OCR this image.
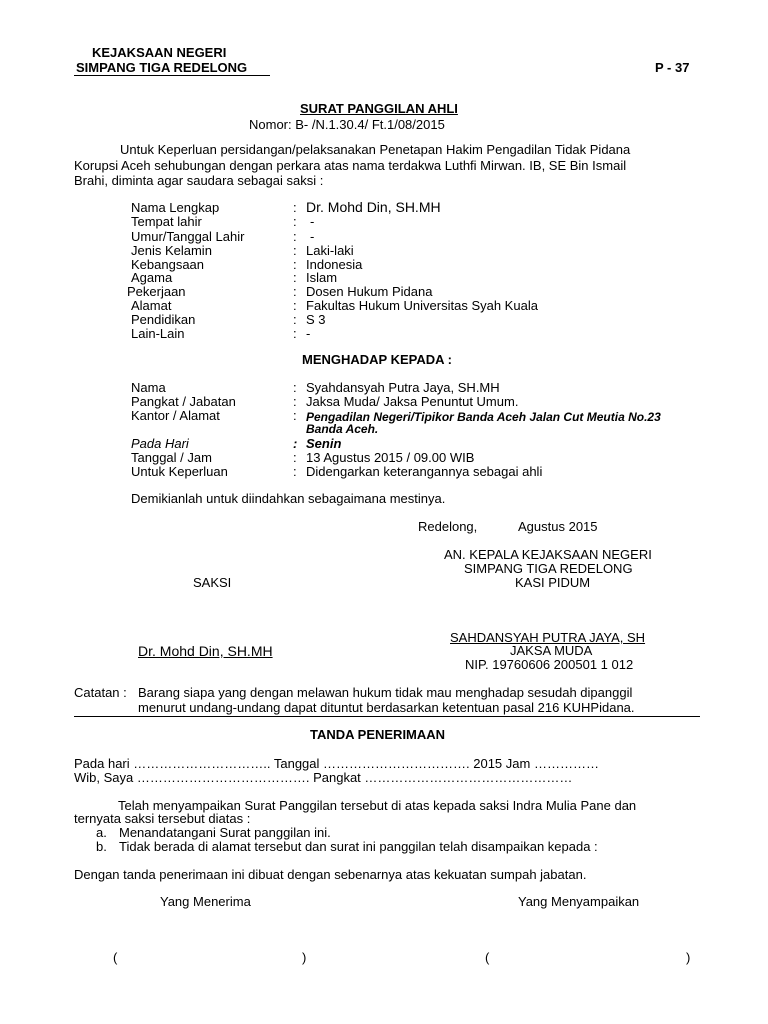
KEJAKSAAN NEGERI
SIMPANG TIGA REDELONG	P - 37
SURAT PANGGILAN AHLI
Nomor: B- /N.1.30.4/ Ft.1/08/2015
Untuk Keperluan persidangan/pelaksanakan Penetapan Hakim Pengadilan Tidak Pidana
Korupsi Aceh sehubungan dengan perkara atas nama terdakwa Luthfi Mirwan. IB, SE Bin Ismail
Brahi, diminta agar saudara sebagai saksi :
Nama Lengkap	: Dr. Mohd Din, SH.MH
Tempat lahir	: -
Umur/Tanggal Lahir	: -
Jenis Kelamin	: Laki-laki
Kebangsaan	: Indonesia
Agama	: Islam
Pekerjaan	: Dosen Hukum Pidana
Alamat	: Fakultas Hukum Universitas Syah Kuala
Pendidikan	: S 3
Lain-Lain	: -
MENGHADAP KEPADA :
Nama	: Syahdansyah Putra Jaya, SH.MH
Pangkat / Jabatan	: Jaksa Muda/ Jaksa Penuntut Umum.
Kantor / Alamat	: Pengadilan Negeri/Tipikor Banda Aceh Jalan Cut Meutia No.23
Banda Aceh.
Pada Hari	: Senin
Tanggal / Jam	: 13 Agustus 2015 / 09.00 WIB
Untuk Keperluan	: Didengarkan keterangannya sebagai ahli
Demikianlah untuk diindahkan sebagaimana mestinya.
Redelong,	Agustus 2015
AN. KEPALA KEJAKSAAN NEGERI
SIMPANG TIGA REDELONG
KASI PIDUM
SAKSI
SAHDANSYAH PUTRA JAYA, SH
Dr. Mohd Din, SH.MH	JAKSA MUDA
NIP. 19760606 200501 1 012
Catatan : Barang siapa yang dengan melawan hukum tidak mau menghadap sesudah dipanggil
menurut undang-undang dapat dituntut berdasarkan ketentuan pasal 216 KUHPidana.
TANDA PENERIMAAN
Pada hari ………………………….. Tanggal ……………………………. 2015 Jam ……………
Wib, Saya …………………………………. Pangkat …………………………………………
Telah menyampaikan Surat Panggilan tersebut di atas kepada saksi Indra Mulia Pane dan
ternyata saksi tersebut diatas :
a. Menandatangani Surat panggilan ini.
b. Tidak berada di alamat tersebut dan surat ini panggilan telah disampaikan kepada :
Dengan tanda penerimaan ini dibuat dengan sebenarnya atas kekuatan sumpah jabatan.
Yang Menerima	Yang Menyampaikan
(	)	(	)
